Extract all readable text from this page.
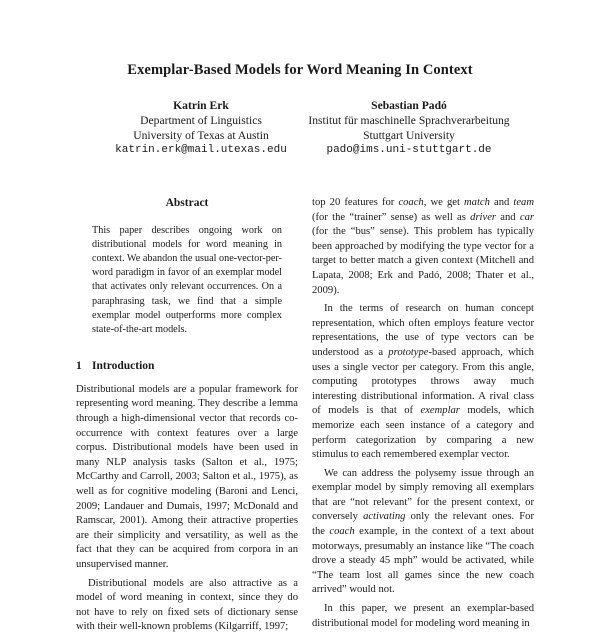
Exemplar-Based Models for Word Meaning In Context
Katrin Erk
Department of Linguistics
University of Texas at Austin
katrin.erk@mail.utexas.edu
Sebastian Padó
Institut für maschinelle Sprachverarbeitung
Stuttgart University
pado@ims.uni-stuttgart.de
Abstract

This paper describes ongoing work on distributional models for word meaning in context. We abandon the usual one-vector-per-word paradigm in favor of an exemplar model that activates only relevant occurrences. On a paraphrasing task, we find that a simple exemplar model outperforms more complex state-of-the-art models.

1 Introduction

Distributional models are a popular framework for representing word meaning. They describe a lemma through a high-dimensional vector that records co-occurrence with context features over a large corpus. Distributional models have been used in many NLP analysis tasks (Salton et al., 1975; McCarthy and Carroll, 2003; Salton et al., 1975), as well as for cognitive modeling (Baroni and Lenci, 2009; Landauer and Dumais, 1997; McDonald and Ramscar, 2001). Among their attractive properties are their simplicity and versatility, as well as the fact that they can be acquired from corpora in an unsupervised manner.

Distributional models are also attractive as a model of word meaning in context, since they do not have to rely on fixed sets of dictionary sense with their well-known problems (Kilgarriff, 1997;

top 20 features for coach, we get match and team (for the “trainer” sense) as well as driver and car (for the “bus” sense). This problem has typically been approached by modifying the type vector for a target to better match a given context (Mitchell and Lapata, 2008; Erk and Padó, 2008; Thater et al., 2009).

In the terms of research on human concept representation, which often employs feature vector representations, the use of type vectors can be understood as a prototype-based approach, which uses a single vector per category. From this angle, computing prototypes throws away much interesting distributional information. A rival class of models is that of exemplar models, which memorize each seen instance of a category and perform categorization by comparing a new stimulus to each remembered exemplar vector.

We can address the polysemy issue through an exemplar model by simply removing all exemplars that are “not relevant” for the present context, or conversely activating only the relevant ones. For the coach example, in the context of a text about motorways, presumably an instance like “The coach drove a steady 45 mph” would be activated, while “The team lost all games since the new coach arrived” would not.

In this paper, we present an exemplar-based distributional model for modeling word meaning in
